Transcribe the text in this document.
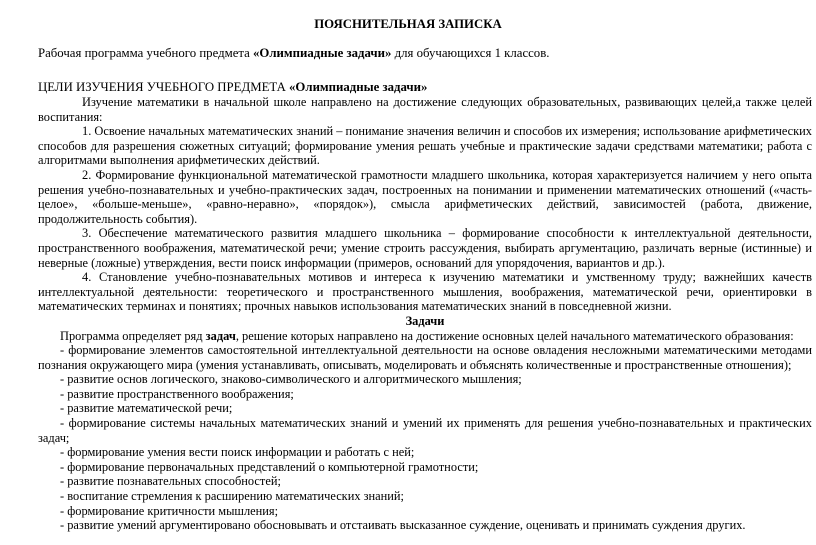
ПОЯСНИТЕЛЬНАЯ ЗАПИСКА
Рабочая программа учебного предмета «Олимпиадные задачи» для обучающихся 1 классов.
ЦЕЛИ ИЗУЧЕНИЯ УЧЕБНОГО ПРЕДМЕТА «Олимпиадные задачи»

Изучение математики в начальной школе направлено на достижение следующих образовательных, развивающих целей,а также целей воспитания:

1. Освоение начальных математических знаний – понимание значения величин и способов их измерения; использование арифметических способов для разрешения сюжетных ситуаций; формирование умения решать учебные и практические задачи средствами математики; работа с алгоритмами выполнения арифметических действий.

2. Формирование функциональной математической грамотности младшего школьника, которая характеризуется наличием у него опыта решения учебно-познавательных и учебно-практических задач, построенных на понимании и применении математических отношений («часть-целое», «больше-меньше», «равно-неравно», «порядок»), смысла арифметических действий, зависимостей (работа, движение, продолжительность события).

3. Обеспечение математического развития младшего школьника – формирование способности к интеллектуальной деятельности, пространственного воображения, математической речи; умение строить рассуждения, выбирать аргументацию, различать верные (истинные) и неверные (ложные) утверждения, вести поиск информации (примеров, оснований для упорядочения, вариантов и др.).

4. Становление учебно-познавательных мотивов и интереса к изучению математики и умственному труду; важнейших качеств интеллектуальной деятельности: теоретического и пространственного мышления, воображения, математической речи, ориентировки в математических терминах и понятиях; прочных навыков использования математических знаний в повседневной жизни.

Задачи

Программа определяет ряд задач, решение которых направлено на достижение основных целей начального математического образования:

- формирование элементов самостоятельной интеллектуальной деятельности на основе овладения несложными математическими методами познания окружающего мира (умения устанавливать, описывать, моделировать и объяснять количественные и пространственные отношения);

- развитие основ логического, знаково-символического и алгоритмического мышления;

- развитие пространственного воображения;

- развитие математической речи;

- формирование системы начальных математических знаний и умений их применять для решения учебно-познавательных и практических задач;

- формирование умения вести поиск информации и работать с ней;

- формирование первоначальных представлений о компьютерной грамотности;

- развитие познавательных способностей;

- воспитание стремления к расширению математических знаний;

- формирование критичности мышления;

- развитие умений аргументировано обосновывать и отстаивать высказанное суждение, оценивать и принимать суждения других.
